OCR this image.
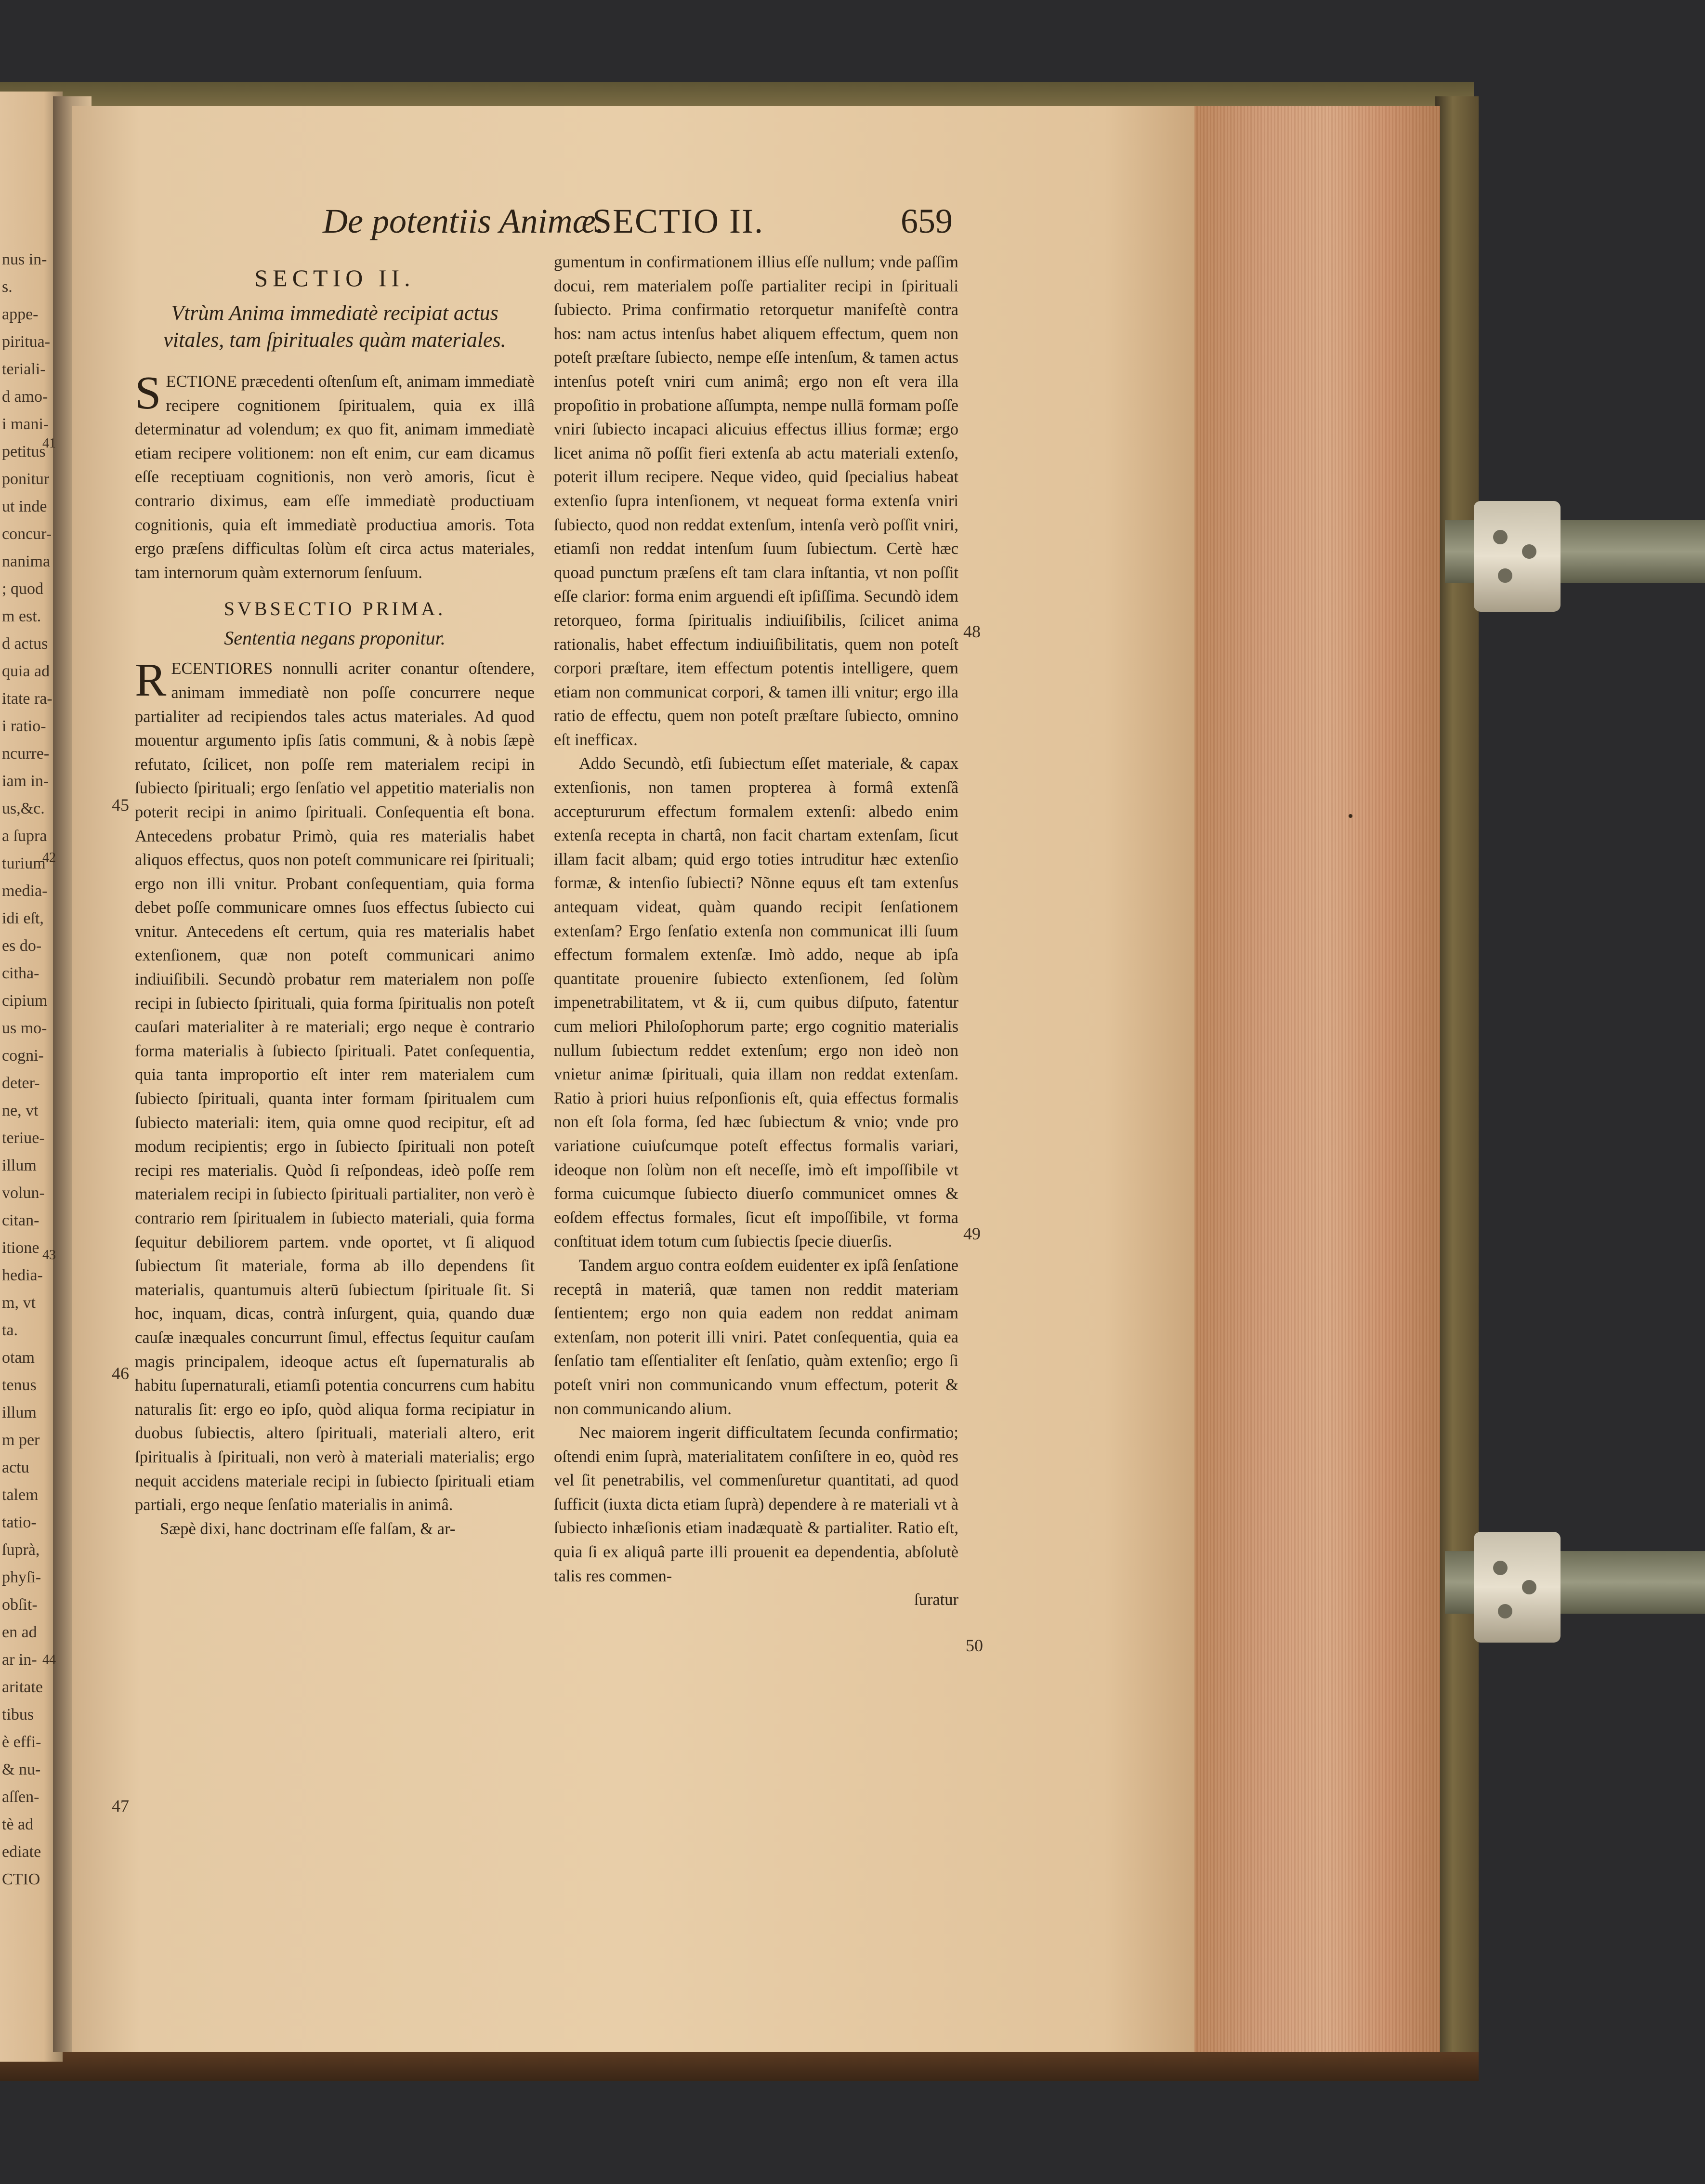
nus in-
s.
appe-
piritua-
teriali-
d amo-
i mani-
petitus
ponitur
ut inde
concur-
nanima
; quod
m est.
d actus
quia ad
itate ra-
i ratio-
ncurre-
iam in-
us,&c.
a ſupra
turium
media-
idi eſt,
es do-
citha-
cipium
us mo-
cogni-
deter-
ne, vt
teriue-
illum
volun-
citan-
itione
hedia-
m, vt
ta.
otam
tenus
illum
m per
actu
talem
tatio-
ſuprà,
phyſi-
obſit-
en ad
ar in-
aritate
tibus
è effi-
& nu-
aſſen-
tè ad
ediate
CTIO
De potentiis Animæ.
SECTIO II.	659
SECTIO II.
Vtrùm Anima immediatè recipiat actus vitales, tam ſpirituales quàm materiales.

SECTIONE præcedenti oſtenſum eſt, animam immediatè recipere cognitionem ſpiritualem, quia ex illâ determinatur ad volendum; ex quo fit, animam immediatè etiam recipere volitionem: non eſt enim, cur eam dicamus eſſe receptiuam cognitionis, non verò amoris, ſicut è contrario diximus, eam eſſe immediatè productiuam cognitionis, quia eſt immediatè productiua amoris. Tota ergo præſens difficultas ſolùm eſt circa actus materiales, tam internorum quàm externorum ſenſuum.

SVBSECTIO PRIMA.
Sententia negans proponitur.

RECENTIORES nonnulli acriter conantur oſtendere, animam immediatè non poſſe concurrere neque partialiter ad recipiendos tales actus materiales. Ad quod mouentur argumento ipſis ſatis communi, & à nobis ſæpè refutato, ſcilicet, non poſſe rem materialem recipi in ſubiecto ſpirituali; ergo ſenſatio vel appetitio materialis non poterit recipi in animo ſpirituali. Conſequentia eſt bona. Antecedens probatur Primò, quia res materialis habet aliquos effectus, quos non poteſt communicare rei ſpirituali; ergo non illi vnitur. Probant conſequentiam, quia forma debet poſſe communicare omnes ſuos effectus ſubiecto cui vnitur. Antecedens eſt certum, quia res materialis habet extenſionem, quæ non poteſt communicari animo indiuiſibili. Secundò probatur rem materialem non poſſe recipi in ſubiecto ſpirituali, quia forma ſpiritualis non poteſt cauſari materialiter à re materiali; ergo neque è contrario forma materialis à ſubiecto ſpirituali. Patet conſequentia, quia tanta improportio eſt inter rem materialem cum ſubiecto ſpirituali, quanta inter formam ſpiritualem cum ſubiecto materiali: item, quia omne quod recipitur, eſt ad modum recipientis; ergo in ſubiecto ſpirituali non poteſt recipi res materialis. Quòd ſi reſpondeas, ideò poſſe rem materialem recipi in ſubiecto ſpirituali partialiter, non verò è contrario rem ſpiritualem in ſubiecto materiali, quia forma ſequitur debiliorem partem. vnde oportet, vt ſi aliquod ſubiectum ſit materiale, forma ab illo dependens ſit materialis, quantumuis alterū ſubiectum ſpirituale ſit. Si hoc, inquam, dicas, contrà inſurgent, quia, quando duæ cauſæ inæquales concurrunt ſimul, effectus ſequitur cauſam magis principalem, ideoque actus eſt ſupernaturalis ab habitu ſupernaturali, etiamſi potentia concurrens cum habitu naturalis ſit: ergo eo ipſo, quòd aliqua forma recipiatur in duobus ſubiectis, altero ſpirituali, materiali altero, erit ſpiritualis à ſpirituali, non verò à materiali materialis; ergo nequit accidens materiale recipi in ſubiecto ſpirituali etiam partiali, ergo neque ſenſatio materialis in animâ.

Sæpè dixi, hanc doctrinam eſſe falſam, & ar-

gumentum in confirmationem illius eſſe nullum; vnde paſſim docui, rem materialem poſſe partialiter recipi in ſpirituali ſubiecto. Prima confirmatio retorquetur manifeſtè contra hos: nam actus intenſus habet aliquem effectum, quem non poteſt præſtare ſubiecto, nempe eſſe intenſum, & tamen actus intenſus poteſt vniri cum animâ; ergo non eſt vera illa propoſitio in probatione aſſumpta, nempe nullā formam poſſe vniri ſubiecto incapaci alicuius effectus illius formæ; ergo licet anima nõ poſſit fieri extenſa ab actu materiali extenſo, poterit illum recipere. Neque video, quid ſpecialius habeat extenſio ſupra intenſionem, vt nequeat forma extenſa vniri ſubiecto, quod non reddat extenſum, intenſa verò poſſit vniri, etiamſi non reddat intenſum ſuum ſubiectum. Certè hæc quoad punctum præſens eſt tam clara inſtantia, vt non poſſit eſſe clarior: forma enim arguendi eſt ipſiſſima. Secundò idem retorqueo, forma ſpiritualis indiuiſibilis, ſcilicet anima rationalis, habet effectum indiuiſibilitatis, quem non poteſt corpori præſtare, item effectum potentis intelligere, quem etiam non communicat corpori, & tamen illi vnitur; ergo illa ratio de effectu, quem non poteſt præſtare ſubiecto, omnino eſt inefficax.

Addo Secundò, etſi ſubiectum eſſet materiale, & capax extenſionis, non tamen propterea à formâ extenſâ acceptururum effectum formalem extenſi: albedo enim extenſa recepta in chartâ, non facit chartam extenſam, ſicut illam facit albam; quid ergo toties intruditur hæc extenſio formæ, & intenſio ſubiecti? Nõnne equus eſt tam extenſus antequam videat, quàm quando recipit ſenſationem extenſam? Ergo ſenſatio extenſa non communicat illi ſuum effectum formalem extenſæ. Imò addo, neque ab ipſa quantitate prouenire ſubiecto extenſionem, ſed ſolùm impenetrabilitatem, vt & ii, cum quibus diſputo, fatentur cum meliori Philoſophorum parte; ergo cognitio materialis nullum ſubiectum reddet extenſum; ergo non ideò non vnietur animæ ſpirituali, quia illam non reddat extenſam. Ratio à priori huius reſponſionis eſt, quia effectus formalis non eſt ſola forma, ſed hæc ſubiectum & vnio; vnde pro variatione cuiuſcumque poteſt effectus formalis variari, ideoque non ſolùm non eſt neceſſe, imò eſt impoſſibile vt forma cuicumque ſubiecto diuerſo communicet omnes & eoſdem effectus formales, ſicut eſt impoſſibile, vt forma conſtituat idem totum cum ſubiectis ſpecie diuerſis.

Tandem arguo contra eoſdem euidenter ex ipſâ ſenſatione receptâ in materiâ, quæ tamen non reddit materiam ſentientem; ergo non quia eadem non reddat animam extenſam, non poterit illi vniri. Patet conſequentia, quia ea ſenſatio tam eſſentialiter eſt ſenſatio, quàm extenſio; ergo ſi poteſt vniri non communicando vnum effectum, poterit & non communicando alium.

Nec maiorem ingerit difficultatem ſecunda confirmatio; oſtendi enim ſuprà, materialitatem conſiſtere in eo, quòd res vel ſit penetrabilis, vel commenſuretur quantitati, ad quod ſufficit (iuxta dicta etiam ſuprà) dependere à re materiali vt à ſubiecto inhæſionis etiam inadæquatè & partialiter. Ratio eſt, quia ſi ex aliquâ parte illi prouenit ea dependentia, abſolutè talis res commen-

ſuratur
45
46
47
48
49
50
41
42
43
44
